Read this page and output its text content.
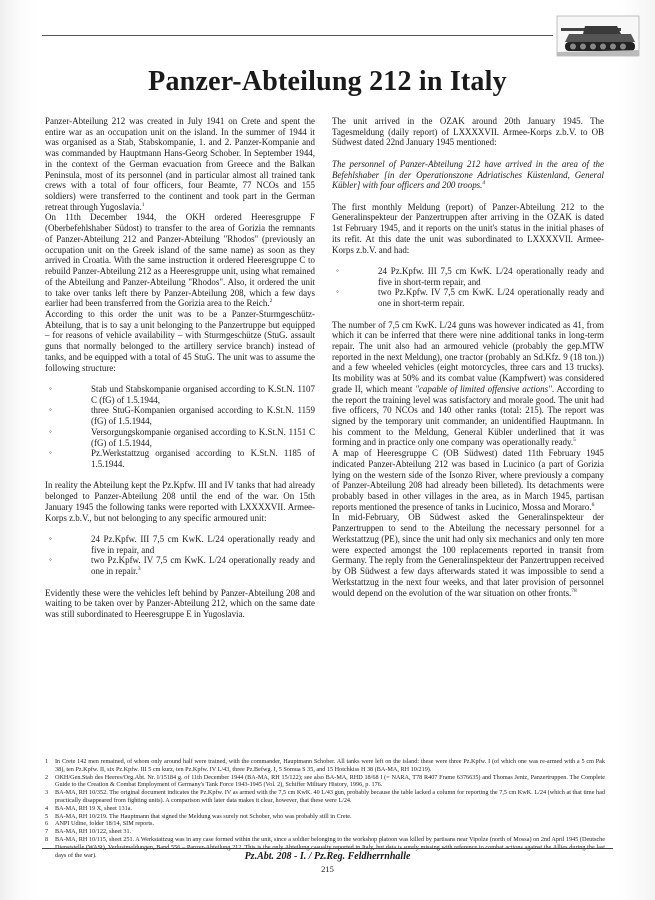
Panzer-Abteilung 212 in Italy

Panzer-Abteilung 212 was created in July 1941 on Crete and spent the entire war as an occupation unit on the island. In the summer of 1944 it was organised as a Stab, Stabskompanie, 1. and 2. Panzer-Kompanie and was commanded by Hauptmann Hans-Georg Schober. In September 1944, in the context of the German evacuation from Greece and the Balkan Peninsula, most of its personnel (and in particular almost all trained tank crews with a total of four officers, four Beamte, 77 NCOs and 155 soldiers) were transferred to the continent and took part in the German retreat through Yugoslavia.$^1$

On 11th December 1944, the OKH ordered Heeresgruppe F (Oberbefehlshaber Südost) to transfer to the area of Gorizia the remnants of Panzer-Abteilung 212 and Panzer-Abteilung "Rhodos" (previously an occupation unit on the Greek island of the same name) as soon as they arrived in Croatia. With the same instruction it ordered Heeresgruppe C to rebuild Panzer-Abteilung 212 as a Heeresgruppe unit, using what remained of the Abteilung and Panzer-Abteilung "Rhodos". Also, it ordered the unit to take over tanks left there by Panzer-Abteilung 208, which a few days earlier had been transferred from the Gorizia area to the Reich.$^2$

According to this order the unit was to be a Panzer-Sturmgeschütz-Abteilung, that is to say a unit belonging to the Panzertruppe but equipped – for reasons of vehicle availability – with Sturmgeschütze (StuG. assault guns that normally belonged to the artillery service branch) instead of tanks, and be equipped with a total of 45 StuG. The unit was to assume the following structure:

◦	Stab und Stabskompanie organised according to K.St.N. 1107 C (fG) of 1.5.1944,
◦	three StuG-Kompanien organised according to K.St.N. 1159 (fG) of 1.5.1944,
◦	Versorgungskompanie organised according to K.St.N. 1151 C (fG) of 1.5.1944,
◦	Pz.Werkstattzug organised according to K.St.N. 1185 of 1.5.1944.

In reality the Abteilung kept the Pz.Kpfw. III and IV tanks that had already belonged to Panzer-Abteilung 208 until the end of the war. On 15th January 1945 the following tanks were reported with LXXXXVII. Armee-Korps z.b.V., but not belonging to any specific armoured unit:

◦	24 Pz.Kpfw. III 7,5 cm KwK. L/24 operationally ready and five in repair, and
◦	two Pz.Kpfw. IV 7,5 cm KwK. L/24 operationally ready and one in repair.$^3$

Evidently these were the vehicles left behind by Panzer-Abteilung 208 and waiting to be taken over by Panzer-Abteilung 212, which on the same date was still subordinated to Heeresgruppe E in Yugoslavia.

The unit arrived in the OZAK around 20th January 1945. The Tagesmeldung (daily report) of LXXXXVII. Armee-Korps z.b.V. to OB Südwest dated 22nd January 1945 mentioned:

The personnel of Panzer-Abteilung 212 have arrived in the area of the Befehlshaber [in der Operationszone Adriatisches Küstenland, General Kübler] with four officers and 200 troops.$^4$

The first monthly Meldung (report) of Panzer-Abteilung 212 to the Generalinspekteur der Panzertruppen after arriving in the OZAK is dated 1st February 1945, and it reports on the unit's status in the initial phases of its refit. At this date the unit was subordinated to LXXXXVII. Armee-Korps z.b.V. and had:

◦	24 Pz.Kpfw. III 7,5 cm KwK. L/24 operationally ready and five in short-term repair, and
◦	two Pz.Kpfw. IV 7,5 cm KwK. L/24 operationally ready and one in short-term repair.

The number of 7,5 cm KwK. L/24 guns was however indicated as 41, from which it can be inferred that there were nine additional tanks in long-term repair. The unit also had an armoured vehicle (probably the gep.MTW reported in the next Meldung), one tractor (probably an Sd.Kfz. 9 (18 ton.)) and a few wheeled vehicles (eight motorcycles, three cars and 13 trucks). Its mobility was at 50% and its combat value (Kampfwert) was considered grade II, which meant "capable of limited offensive actions". According to the report the training level was satisfactory and morale good. The unit had five officers, 70 NCOs and 140 other ranks (total: 215). The report was signed by the temporary unit commander, an unidentified Hauptmann. In his comment to the Meldung, General Kübler underlined that it was forming and in practice only one company was operationally ready.$^5$

A map of Heeresgruppe C (OB Südwest) dated 11th February 1945 indicated Panzer-Abteilung 212 was based in Lucinico (a part of Gorizia lying on the western side of the Isonzo River, where previously a company of Panzer-Abteilung 208 had already been billeted). Its detachments were probably based in other villages in the area, as in March 1945, partisan reports mentioned the presence of tanks in Lucinico, Mossa and Moraro.$^6$

In mid-February, OB Südwest asked the Generalinspekteur der Panzertruppen to send to the Abteilung the necessary personnel for a Werkstattzug (PE), since the unit had only six mechanics and only ten more were expected amongst the 100 replacements reported in transit from Germany. The reply from the Generalinspekteur der Panzertruppen received by OB Südwest a few days afterwards stated it was impossible to send a Werkstattzug in the next four weeks, and that later provision of personnel would depend on the evolution of the war situation on other fronts.$^{78}$

1 In Crete 142 men remained, of whom only around half were trained, with the commander, Hauptmann Schober. All tanks were left on the island: these were three Pz.Kpfw. I (of which one was re-armed with a 5 cm Pak 38), ten Pz.Kpfw. II, six Pz.Kpfw. III 5 cm kurz, ten Pz.Kpfw. IV L/43, three Pz.Befwg. I, 5 Somua S 35, and 15 Hotchkiss H 38 (BA-MA, RH 10/219).
2 OKH/Gen.Stab des Heeres/Org.Abt. Nr. I/15184 g. of 11th December 1944 (BA-MA, RH 15/122); see also BA-MA, RHD 18/68 I (= NARA, T78 R407 Frame 6376635) and Thomas Jentz, Panzertruppen. The Complete Guide to the Creation & Combat Employment of Germany's Tank Force 1943-1945 (Vol. 2), Schiffer Military History, 1996, p. 176.
3 BA-MA, RH 10/352. The original document indicates the Pz.Kpfw. IV as armed with the 7,5 cm KwK. 40 L/43 gun, probably because the table lacked a column for reporting the 7,5 cm KwK. L/24 (which at that time had practically disappeared from fighting units). A comparison with later data makes it clear, however, that these were L/24.
4 BA-MA, RH 19 X, sheet 131a.
5 BA-MA, RH 10/219. The Hauptmann that signed the Meldung was surely not Schober, who was probably still in Crete.
6 ANPI Udine, folder 18/14, SIM reports.
7 BA-MA, RH 10/122, sheet 31.
8 BA-MA, RH 10/115, sheet 251. A Werkstattzug was in any case formed within the unit, since a soldier belonging to the workshop platoon was killed by partisans near Vipolze (north of Mossa) on 2nd April 1945 (Deutsche days of the war).	Pz.Abt. 208 - I. / Pz.Reg. Feldherrnhalle
215
